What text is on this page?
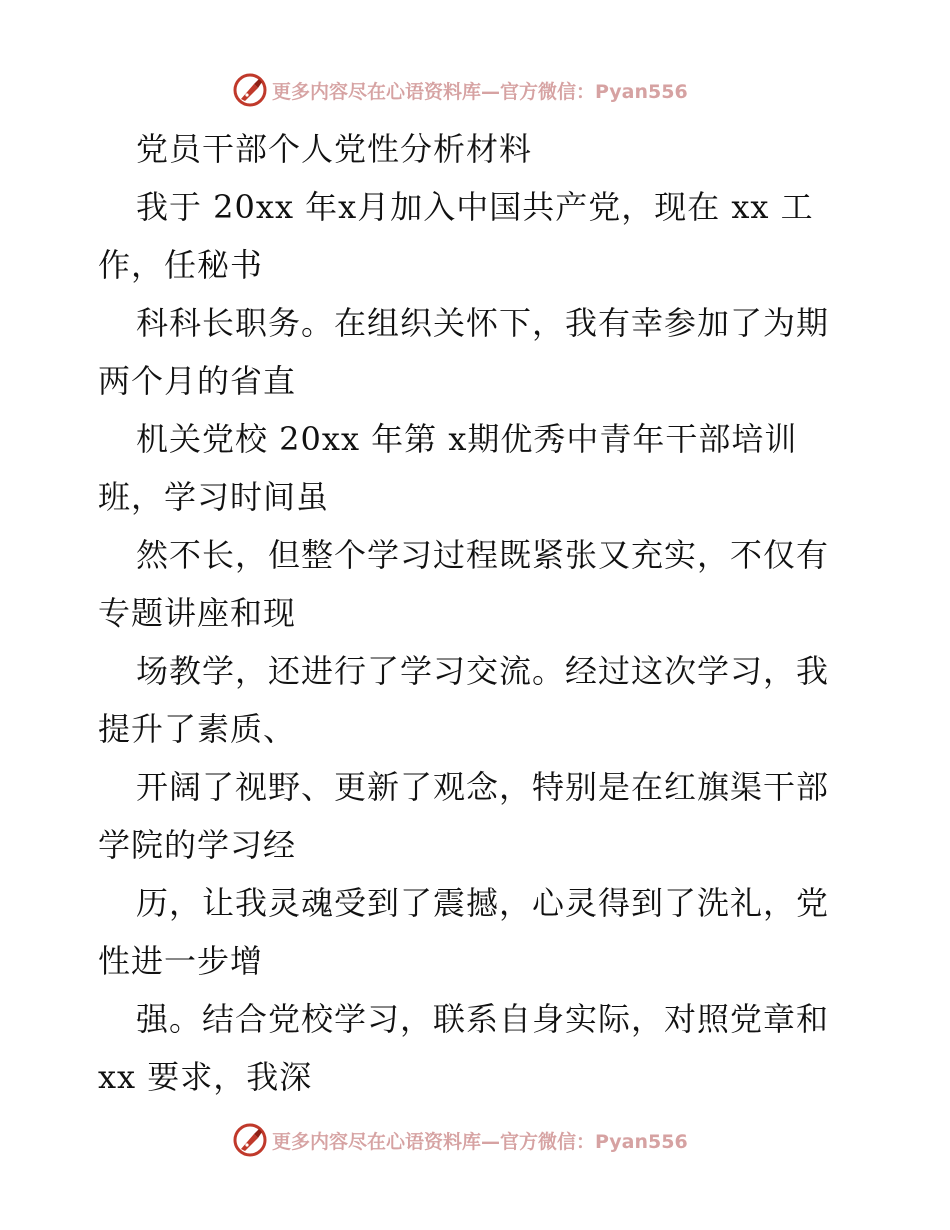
更多内容尽在心语资料库—官方微信：Pyan556
党员干部个人党性分析材料
我于 20xx 年x月加入中国共产党，现在 xx 工
作，任秘书
科科长职务。在组织关怀下，我有幸参加了为期
两个月的省直
机关党校 20xx 年第 x期优秀中青年干部培训
班，学习时间虽
然不长，但整个学习过程既紧张又充实，不仅有
专题讲座和现
场教学，还进行了学习交流。经过这次学习，我
提升了素质、
开阔了视野、更新了观念，特别是在红旗渠干部
学院的学习经
历，让我灵魂受到了震撼，心灵得到了洗礼，党
性进一步增
强。结合党校学习，联系自身实际，对照党章和
xx 要求，我深
更多内容尽在心语资料库—官方微信：Pyan556
